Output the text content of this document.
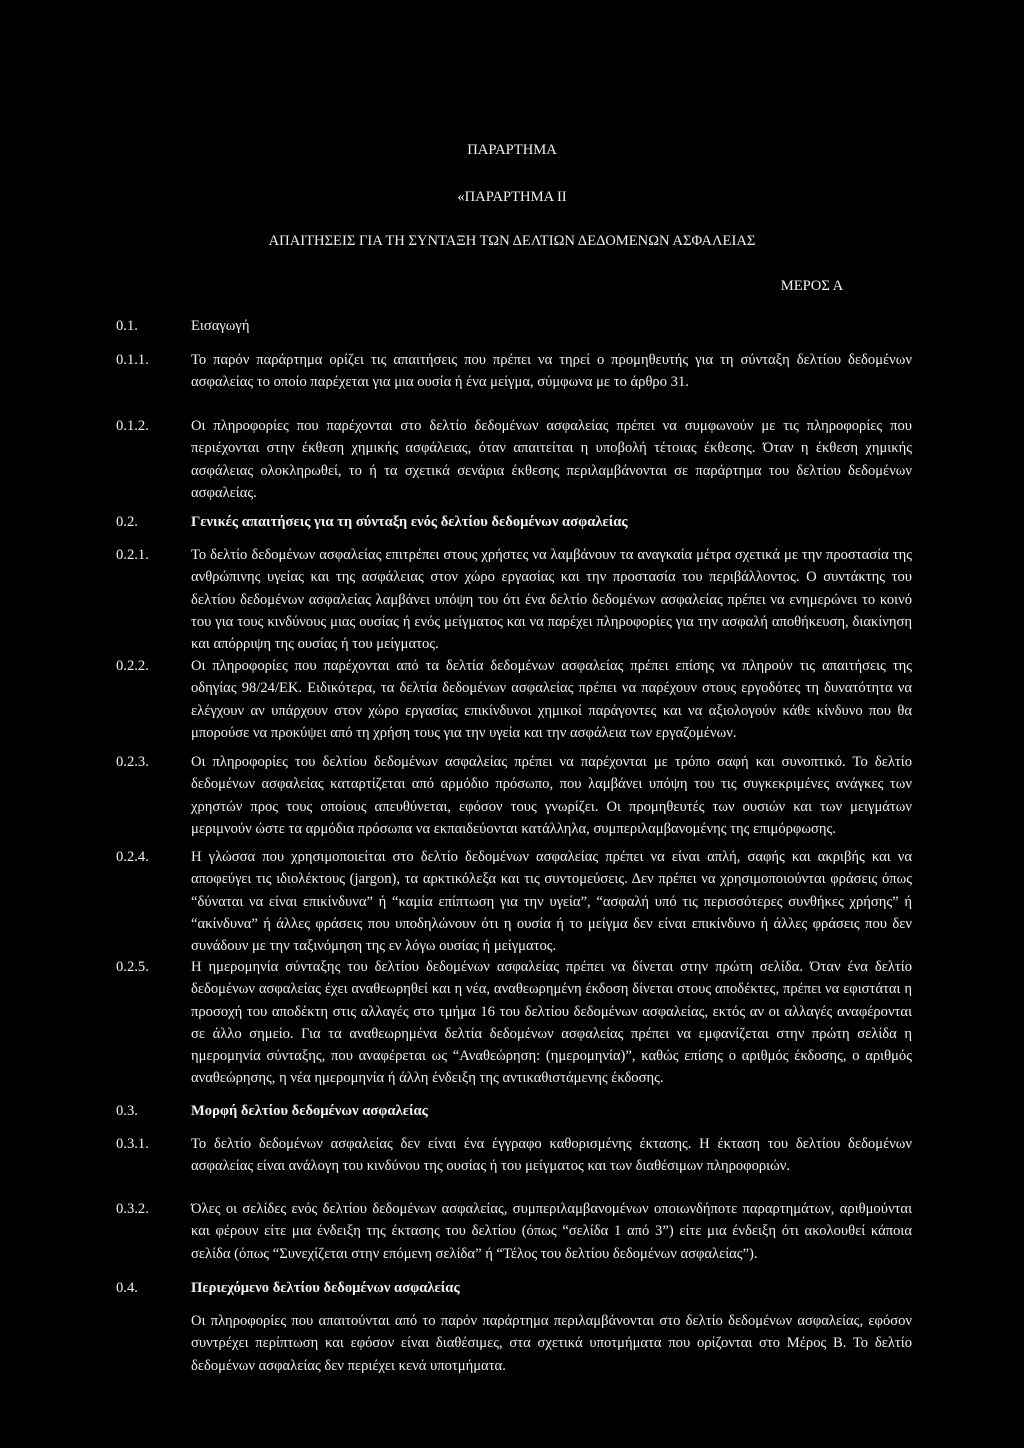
ΠΑΡΑΡΤΗΜΑ
«ΠΑΡΑΡΤΗΜΑ II
ΑΠΑΙΤΗΣΕΙΣ ΓΙΑ ΤΗ ΣΥΝΤΑΞΗ ΤΩΝ ΔΕΛΤΙΩΝ ΔΕΔΟΜΕΝΩΝ ΑΣΦΑΛΕΙΑΣ
ΜΕΡΟΣ Α
0.1.	Εισαγωγή
0.1.1.	Το παρόν παράρτημα ορίζει τις απαιτήσεις που πρέπει να τηρεί ο προμηθευτής για τη σύνταξη δελτίου δεδομένων ασφαλείας το οποίο παρέχεται για μια ουσία ή ένα μείγμα, σύμφωνα με το άρθρο 31.
0.1.2.	Οι πληροφορίες που παρέχονται στο δελτίο δεδομένων ασφαλείας πρέπει να συμφωνούν με τις πληροφορίες που περιέχονται στην έκθεση χημικής ασφάλειας, όταν απαιτείται η υποβολή τέτοιας έκθεσης. Όταν η έκθεση χημικής ασφάλειας ολοκληρωθεί, το ή τα σχετικά σενάρια έκθεσης περιλαμβάνονται σε παράρτημα του δελτίου δεδομένων ασφαλείας.
0.2.	Γενικές απαιτήσεις για τη σύνταξη ενός δελτίου δεδομένων ασφαλείας
0.2.1.	Το δελτίο δεδομένων ασφαλείας επιτρέπει στους χρήστες να λαμβάνουν τα αναγκαία μέτρα σχετικά με την προστασία της ανθρώπινης υγείας και της ασφάλειας στον χώρο εργασίας και την προστασία του περιβάλλοντος. Ο συντάκτης του δελτίου δεδομένων ασφαλείας λαμβάνει υπόψη του ότι ένα δελτίο δεδομένων ασφαλείας πρέπει να ενημερώνει το κοινό του για τους κινδύνους μιας ουσίας ή ενός μείγματος και να παρέχει πληροφορίες για την ασφαλή αποθήκευση, διακίνηση και απόρριψη της ουσίας ή του μείγματος.
0.2.2.	Οι πληροφορίες που παρέχονται από τα δελτία δεδομένων ασφαλείας πρέπει επίσης να πληρούν τις απαιτήσεις της οδηγίας 98/24/ΕΚ. Ειδικότερα, τα δελτία δεδομένων ασφαλείας πρέπει να παρέχουν στους εργοδότες τη δυνατότητα να ελέγχουν αν υπάρχουν στον χώρο εργασίας επικίνδυνοι χημικοί παράγοντες και να αξιολογούν κάθε κίνδυνο που θα μπορούσε να προκύψει από τη χρήση τους για την υγεία και την ασφάλεια των εργαζομένων.
0.2.3.	Οι πληροφορίες του δελτίου δεδομένων ασφαλείας πρέπει να παρέχονται με τρόπο σαφή και συνοπτικό. Το δελτίο δεδομένων ασφαλείας καταρτίζεται από αρμόδιο πρόσωπο, που λαμβάνει υπόψη του τις συγκεκριμένες ανάγκες των χρηστών προς τους οποίους απευθύνεται, εφόσον τους γνωρίζει. Οι προμηθευτές των ουσιών και των μειγμάτων μεριμνούν ώστε τα αρμόδια πρόσωπα να εκπαιδεύονται κατάλληλα, συμπεριλαμβανομένης της επιμόρφωσης.
0.2.4.	Η γλώσσα που χρησιμοποιείται στο δελτίο δεδομένων ασφαλείας πρέπει να είναι απλή, σαφής και ακριβής και να αποφεύγει τις ιδιολέκτους (jargon), τα αρκτικόλεξα και τις συντομεύσεις. Δεν πρέπει να χρησιμοποιούνται φράσεις όπως “δύναται να είναι επικίνδυνα” ή “καμία επίπτωση για την υγεία”, “ασφαλή υπό τις περισσότερες συνθήκες χρήσης” ή “ακίνδυνα” ή άλλες φράσεις που υποδηλώνουν ότι η ουσία ή το μείγμα δεν είναι επικίνδυνο ή άλλες φράσεις που δεν συνάδουν με την ταξινόμηση της εν λόγω ουσίας ή μείγματος.
0.2.5.	Η ημερομηνία σύνταξης του δελτίου δεδομένων ασφαλείας πρέπει να δίνεται στην πρώτη σελίδα. Όταν ένα δελτίο δεδομένων ασφαλείας έχει αναθεωρηθεί και η νέα, αναθεωρημένη έκδοση δίνεται στους αποδέκτες, πρέπει να εφιστάται η προσοχή του αποδέκτη στις αλλαγές στο τμήμα 16 του δελτίου δεδομένων ασφαλείας, εκτός αν οι αλλαγές αναφέρονται σε άλλο σημείο. Για τα αναθεωρημένα δελτία δεδομένων ασφαλείας πρέπει να εμφανίζεται στην πρώτη σελίδα η ημερομηνία σύνταξης, που αναφέρεται ως “Αναθεώρηση: (ημερομηνία)”, καθώς επίσης ο αριθμός έκδοσης, ο αριθμός αναθεώρησης, η νέα ημερομηνία ή άλλη ένδειξη της αντικαθιστάμενης έκδοσης.
0.3.	Μορφή δελτίου δεδομένων ασφαλείας
0.3.1.	Το δελτίο δεδομένων ασφαλείας δεν είναι ένα έγγραφο καθορισμένης έκτασης. Η έκταση του δελτίου δεδομένων ασφαλείας είναι ανάλογη του κινδύνου της ουσίας ή του μείγματος και των διαθέσιμων πληροφοριών.
0.3.2.	Όλες οι σελίδες ενός δελτίου δεδομένων ασφαλείας, συμπεριλαμβανομένων οποιωνδήποτε παραρτημάτων, αριθμούνται και φέρουν είτε μια ένδειξη της έκτασης του δελτίου (όπως “σελίδα 1 από 3”) είτε μια ένδειξη ότι ακολουθεί κάποια σελίδα (όπως “Συνεχίζεται στην επόμενη σελίδα” ή “Τέλος του δελτίου δεδομένων ασφαλείας”).
0.4.	Περιεχόμενο δελτίου δεδομένων ασφαλείας
Οι πληροφορίες που απαιτούνται από το παρόν παράρτημα περιλαμβάνονται στο δελτίο δεδομένων ασφαλείας, εφόσον συντρέχει περίπτωση και εφόσον είναι διαθέσιμες, στα σχετικά υποτμήματα που ορίζονται στο Μέρος Β. Το δελτίο δεδομένων ασφαλείας δεν περιέχει κενά υποτμήματα.
